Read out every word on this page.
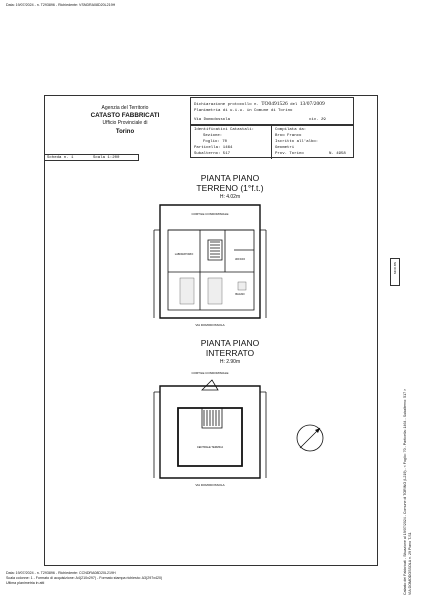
Data: 19/07/2024 - n. T293896 - Richiedente: VSNDRA08D20L219H
Agenzia del Territorio
CATASTO FABBRICATI
Ufficio Provinciale di
Torino
Dichiarazione protocollo n. TO0491526 del 13/07/2009
Planimetria di u.i.u. in Comune di Torino
Via Domodossola	civ. 29
Identificativi Catastali:
Sezione:
Foglio: 70
Particella: 1464
Subalterno: 517
Compilata da:
Broo Franco
Iscritto all'albo:
Geometri
Prov. Torino	N. 4958
Scheda n. 1	Scala 1:200
PIANTA PIANO
TERRENO (1°f.t.)
H: 4.02m
CORTILE CONDOMINIALE
VIA DOMODOSSOLA
LABORATORIO
UFFICIO
BAGNO
PIANTA PIANO
INTERRATO
H: 2.90m
CORTILE CONDOMINIALE
CENTRALE TERMICA
VIA DOMODOSSOLA
MOD.BN
Catasto dei Fabbricati - Situazione al 19/07/2024 - Comune di TORINO (L219) - < Foglio: 70 - Particella: 1464 - Subalterno: 517 > VIA DOMODOSSOLA n. 29 Piano T-S1
Data: 19/07/2024 - n. T293896 - Richiedente: CCNDRA08D20L219H
Scala colonne: 1 - Formato di acquisizione: A4(210x297) - Formato stampa richiesto: A3(297x420)
Ultima planimetria in atti
